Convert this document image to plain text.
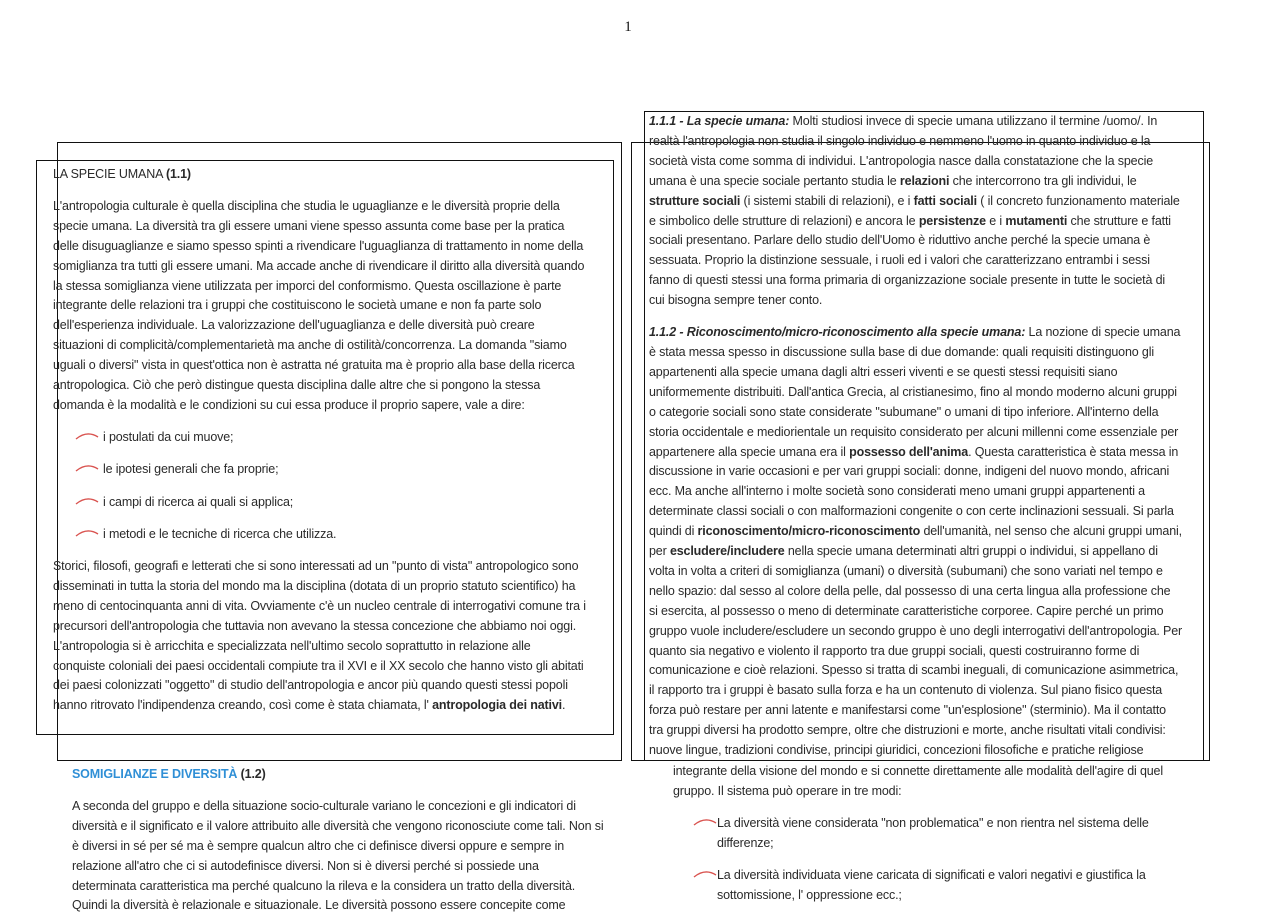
1

LA SPECIE UMANA (1.1)

L'antropologia culturale è quella disciplina che studia le uguaglianze e le diversità proprie della

specie umana. La diversità tra gli essere umani viene spesso assunta come base per la pratica

delle disuguaglianze e siamo spesso spinti a rivendicare l'uguaglianza di trattamento in nome della

somiglianza tra tutti gli essere umani. Ma accade anche di rivendicare il diritto alla diversità quando

la stessa somiglianza viene utilizzata per imporci del conformismo. Questa oscillazione è parte

integrante delle relazioni tra i gruppi che costituiscono le società umane e non fa parte solo

dell'esperienza individuale. La valorizzazione dell'uguaglianza e delle diversità può creare

situazioni di complicità/complementarietà ma anche di ostilità/concorrenza. La domanda "siamo

uguali o diversi" vista in quest'ottica non è astratta né gratuita ma è proprio alla base della ricerca

antropologica. Ciò che però distingue questa disciplina dalle altre che si pongono la stessa

domanda è la modalità e le condizioni su cui essa produce il proprio sapere, vale a dire:

i postulati da cui muove;

le ipotesi generali che fa proprie;

i campi di ricerca ai quali si applica;

i metodi e le tecniche di ricerca che utilizza.

Storici, filosofi, geografi e letterati che si sono interessati ad un "punto di vista" antropologico sono

disseminati in tutta la storia del mondo ma la disciplina (dotata di un proprio statuto scientifico) ha

meno di centocinquanta anni di vita. Ovviamente c'è un nucleo centrale di interrogativi comune tra i

precursori dell'antropologia che tuttavia non avevano la stessa concezione che abbiamo noi oggi.

L'antropologia si è arricchita e specializzata nell'ultimo secolo soprattutto in relazione alle

conquiste coloniali dei paesi occidentali compiute tra il XVI e il XX secolo che hanno visto gli abitati

dei paesi colonizzati "oggetto" di studio dell'antropologia e ancor più quando questi stessi popoli

hanno ritrovato l'indipendenza creando, così come è stata chiamata, l' antropologia dei nativi.

SOMIGLIANZE E DIVERSITÀ (1.2)

A seconda del gruppo e della situazione socio-culturale variano le concezioni e gli indicatori di

diversità e il significato e il valore attribuito alle diversità che vengono riconosciute come tali. Non si

è diversi in sé per sé ma è sempre qualcun altro che ci definisce diversi oppure e sempre in

relazione all'atro che ci si autodefinisce diversi. Non si è diversi perché si possiede una

determinata caratteristica ma perché qualcuno la rileva e la considera un tratto della diversità.

Quindi la diversità è relazionale e situazionale. Le diversità possono essere concepite come

1.1.1 - La specie umana: Molti studiosi invece di specie umana utilizzano il termine /uomo/. In

realtà l'antropologia non studia il singolo individuo e nemmeno l'uomo in quanto individuo e la

società vista come somma di individui. L'antropologia nasce dalla constatazione che la specie

umana è una specie sociale pertanto studia le relazioni che intercorrono tra gli individui, le

strutture sociali (i sistemi stabili di relazioni), e i fatti sociali ( il concreto funzionamento materiale

e simbolico delle strutture di relazioni) e ancora le persistenze e i mutamenti che strutture e fatti

sociali presentano. Parlare dello studio dell'Uomo è riduttivo anche perché la specie umana è

sessuata. Proprio la distinzione sessuale, i ruoli ed i valori che caratterizzano entrambi i sessi

fanno di questi stessi una forma primaria di organizzazione sociale presente in tutte le società di

cui bisogna sempre tener conto.

1.1.2 - Riconoscimento/micro-riconoscimento alla specie umana: La nozione di specie umana

è stata messa spesso in discussione sulla base di due domande: quali requisiti distinguono gli

appartenenti alla specie umana dagli altri esseri viventi e se questi stessi requisiti siano

uniformemente distribuiti. Dall'antica Grecia, al cristianesimo, fino al mondo moderno alcuni gruppi

o categorie sociali sono state considerate "subumane" o umani di tipo inferiore. All'interno della

storia occidentale e mediorientale un requisito considerato per alcuni millenni come essenziale per

appartenere alla specie umana era il possesso dell'anima. Questa caratteristica è stata messa in

discussione in varie occasioni e per vari gruppi sociali: donne, indigeni del nuovo mondo, africani

ecc. Ma anche all'interno i molte società sono considerati meno umani gruppi appartenenti a

determinate classi sociali o con malformazioni congenite o con certe inclinazioni sessuali. Si parla

quindi di riconoscimento/micro-riconoscimento dell'umanità, nel senso che alcuni gruppi umani,

per escludere/includere nella specie umana determinati altri gruppi o individui, si appellano di

volta in volta a criteri di somiglianza (umani) o diversità (subumani) che sono variati nel tempo e

nello spazio: dal sesso al colore della pelle, dal possesso di una certa lingua alla professione che

si esercita, al possesso o meno di determinate caratteristiche corporee. Capire perché un primo

gruppo vuole includere/escludere un secondo gruppo è uno degli interrogativi dell'antropologia. Per

quanto sia negativo e violento il rapporto tra due gruppi sociali, questi costruiranno forme di

comunicazione e cioè relazioni. Spesso si tratta di scambi ineguali, di comunicazione asimmetrica,

il rapporto tra i gruppi è basato sulla forza e ha un contenuto di violenza. Sul piano fisico questa

forza può restare per anni latente e manifestarsi come "un'esplosione" (sterminio). Ma il contatto

tra gruppi diversi ha prodotto sempre, oltre che distruzioni e morte, anche risultati vitali condivisi:

nuove lingue, tradizioni condivise, principi giuridici, concezioni filosofiche e pratiche religiose

integrante della visione del mondo e si connette direttamente alle modalità dell'agire di quel

gruppo. Il sistema può operare in tre modi:

La diversità viene considerata "non problematica" e non rientra nel sistema delle

differenze;

La diversità individuata viene caricata di significati e valori negativi e giustifica la

sottomissione, l' oppressione ecc.;
